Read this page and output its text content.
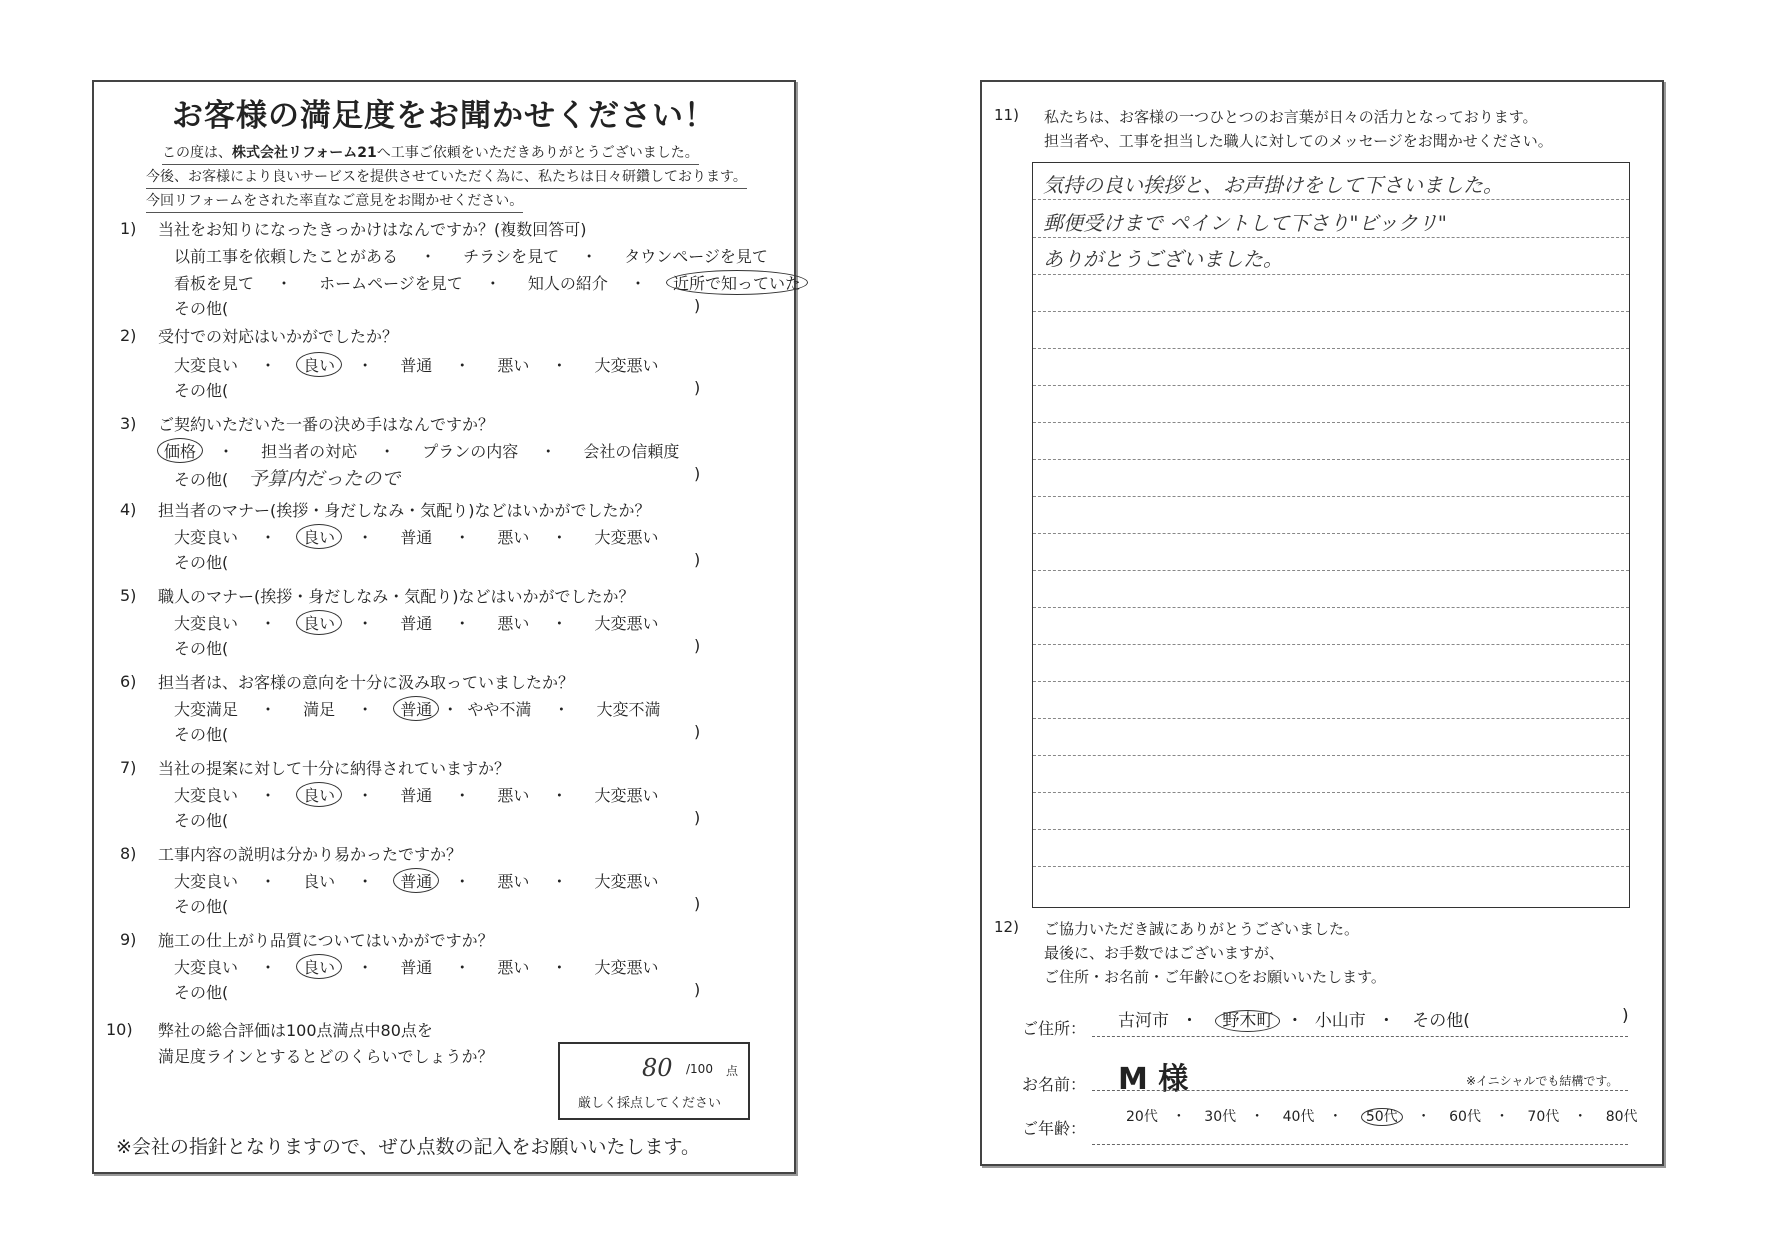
お客様の満足度をお聞かせください！
この度は、株式会社リフォーム21へ工事ご依頼をいただきありがとうございました。
今後、お客様により良いサービスを提供させていただく為に、私たちは日々研鑽しております。
今回リフォームをされた率直なご意見をお聞かせください。
1) 当社をお知りになったきっかけはなんですか？(複数回答可)
以前工事を依頼したことがある ・ チラシを見て ・ タウンページを見て
看板を見て ・ ホームページを見て ・ 知人の紹介 ・ 近所で知っていた
その他(	)
2) 受付での対応はいかがでしたか？
大変良い ・ 良い ・ 普通 ・ 悪い ・ 大変悪い
その他(	)
3) ご契約いただいた一番の決め手はなんですか？
価格 ・ 担当者の対応 ・ プランの内容 ・ 会社の信頼度
その他( 予算内だったので	)
4) 担当者のマナー(挨拶・身だしなみ・気配り)などはいかがでしたか？
大変良い ・ 良い ・ 普通 ・ 悪い ・ 大変悪い
その他(	)
5) 職人のマナー(挨拶・身だしなみ・気配り)などはいかがでしたか？
大変良い ・ 良い ・ 普通 ・ 悪い ・ 大変悪い
その他(	)
6) 担当者は、お客様の意向を十分に汲み取っていましたか？
大変満足 ・ 満足 ・ 普通 ・ やや不満 ・ 大変不満
その他(	)
7) 当社の提案に対して十分に納得されていますか？
大変良い ・ 良い ・ 普通 ・ 悪い ・ 大変悪い
その他(	)
8) 工事内容の説明は分かり易かったですか？
大変良い ・ 良い ・ 普通 ・ 悪い ・ 大変悪い
その他(	)
9) 施工の仕上がり品質についてはいかがですか？
大変良い ・ 良い ・ 普通 ・ 悪い ・ 大変悪い
その他(	)
10) 弊社の総合評価は100点満点中80点を
満足度ラインとするとどのくらいでしょうか？	80 /100 点
厳しく採点してください
※会社の指針となりますので、ぜひ点数の記入をお願いいたします。
11) 私たちは、お客様の一つひとつのお言葉が日々の活力となっております。
担当者や、工事を担当した職人に対してのメッセージをお聞かせください。
気持の良い挨拶と、お声掛けをして下さいました。
郵便受けまで ペイントして下さり"ビックリ"
ありがとうございました。
12) ご協力いただき誠にありがとうございました。
最後に、お手数ではございますが、
ご住所・お名前・ご年齢に○をお願いいたします。
ご住所： 古河市 ・ 野木町 ・ 小山市 ・ その他(	)
お名前： M 様	※イニシャルでも結構です。
ご年齢：
20代 ・ 30代 ・ 40代 ・ 50代 ・ 60代 ・ 70代 ・ 80代
